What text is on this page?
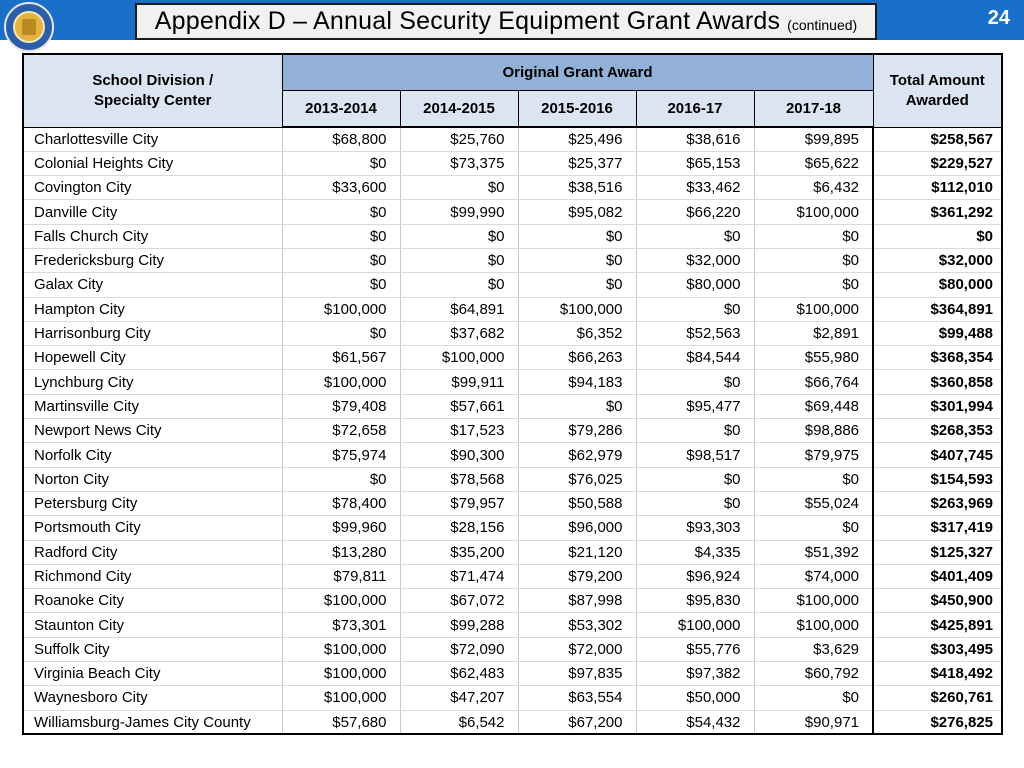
Appendix D – Annual Security Equipment Grant Awards (continued)	24
School Division /
Specialty Center	Original Grant Award					Total Amount
Awarded
	2013-2014	2014-2015	2015-2016	2016-17	2017-18	
Charlottesville City	$68,800	$25,760	$25,496	$38,616	$99,895	$258,567
Colonial Heights City	$0	$73,375	$25,377	$65,153	$65,622	$229,527
Covington City	$33,600	$0	$38,516	$33,462	$6,432	$112,010
Danville City	$0	$99,990	$95,082	$66,220	$100,000	$361,292
Falls Church City	$0	$0	$0	$0	$0	$0
Fredericksburg City	$0	$0	$0	$32,000	$0	$32,000
Galax City	$0	$0	$0	$80,000	$0	$80,000
Hampton City	$100,000	$64,891	$100,000	$0	$100,000	$364,891
Harrisonburg City	$0	$37,682	$6,352	$52,563	$2,891	$99,488
Hopewell City	$61,567	$100,000	$66,263	$84,544	$55,980	$368,354
Lynchburg City	$100,000	$99,911	$94,183	$0	$66,764	$360,858
Martinsville City	$79,408	$57,661	$0	$95,477	$69,448	$301,994
Newport News City	$72,658	$17,523	$79,286	$0	$98,886	$268,353
Norfolk City	$75,974	$90,300	$62,979	$98,517	$79,975	$407,745
Norton City	$0	$78,568	$76,025	$0	$0	$154,593
Petersburg City	$78,400	$79,957	$50,588	$0	$55,024	$263,969
Portsmouth City	$99,960	$28,156	$96,000	$93,303	$0	$317,419
Radford City	$13,280	$35,200	$21,120	$4,335	$51,392	$125,327
Richmond City	$79,811	$71,474	$79,200	$96,924	$74,000	$401,409
Roanoke City	$100,000	$67,072	$87,998	$95,830	$100,000	$450,900
Staunton City	$73,301	$99,288	$53,302	$100,000	$100,000	$425,891
Suffolk City	$100,000	$72,090	$72,000	$55,776	$3,629	$303,495
Virginia Beach City	$100,000	$62,483	$97,835	$97,382	$60,792	$418,492
Waynesboro City	$100,000	$47,207	$63,554	$50,000	$0	$260,761
Williamsburg-James City County	$57,680	$6,542	$67,200	$54,432	$90,971	$276,825
